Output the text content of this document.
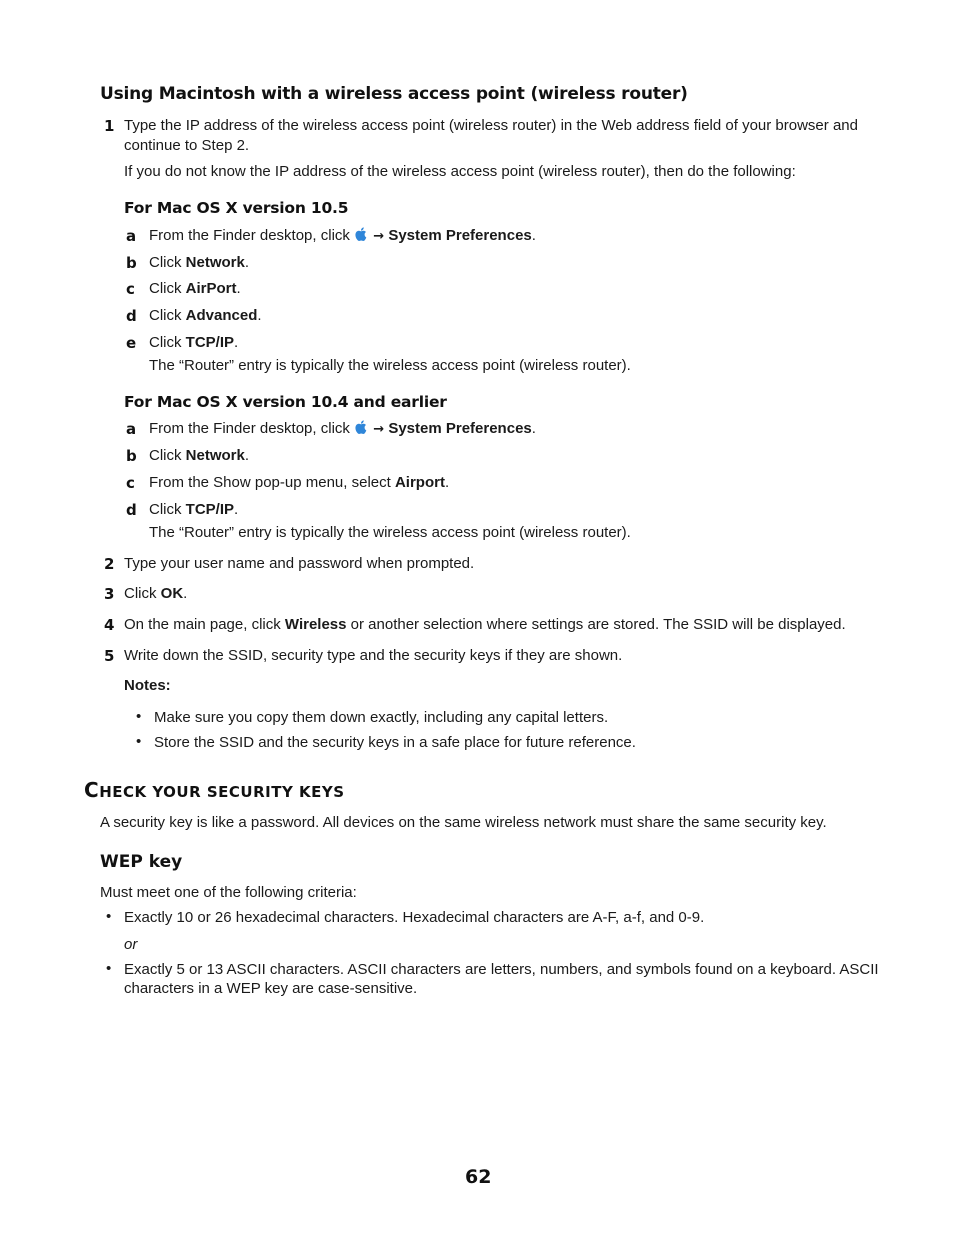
Using Macintosh with a wireless access point (wireless router)
1 Type the IP address of the wireless access point (wireless router) in the Web address field of your browser and
continue to Step 2.
If you do not know the IP address of the wireless access point (wireless router), then do the following:
For Mac OS X version 10.5
a From the Finder desktop, click  → System Preferences.
b Click Network.
c Click AirPort.
d Click Advanced.
e Click TCP/IP.
The “Router” entry is typically the wireless access point (wireless router).
For Mac OS X version 10.4 and earlier
a From the Finder desktop, click  → System Preferences.
b Click Network.
c From the Show pop-up menu, select Airport.
d Click TCP/IP.
The “Router” entry is typically the wireless access point (wireless router).
2 Type your user name and password when prompted.
3 Click OK.
4 On the main page, click Wireless or another selection where settings are stored. The SSID will be displayed.
5 Write down the SSID, security type and the security keys if they are shown.
Notes:
• Make sure you copy them down exactly, including any capital letters.
• Store the SSID and the security keys in a safe place for future reference.
CHECK YOUR SECURITY KEYS
A security key is like a password. All devices on the same wireless network must share the same security key.
WEP key
Must meet one of the following criteria:
• Exactly 10 or 26 hexadecimal characters. Hexadecimal characters are A-F, a-f, and 0-9.
or
• Exactly 5 or 13 ASCII characters. ASCII characters are letters, numbers, and symbols found on a keyboard. ASCII
characters in a WEP key are case-sensitive.
62
